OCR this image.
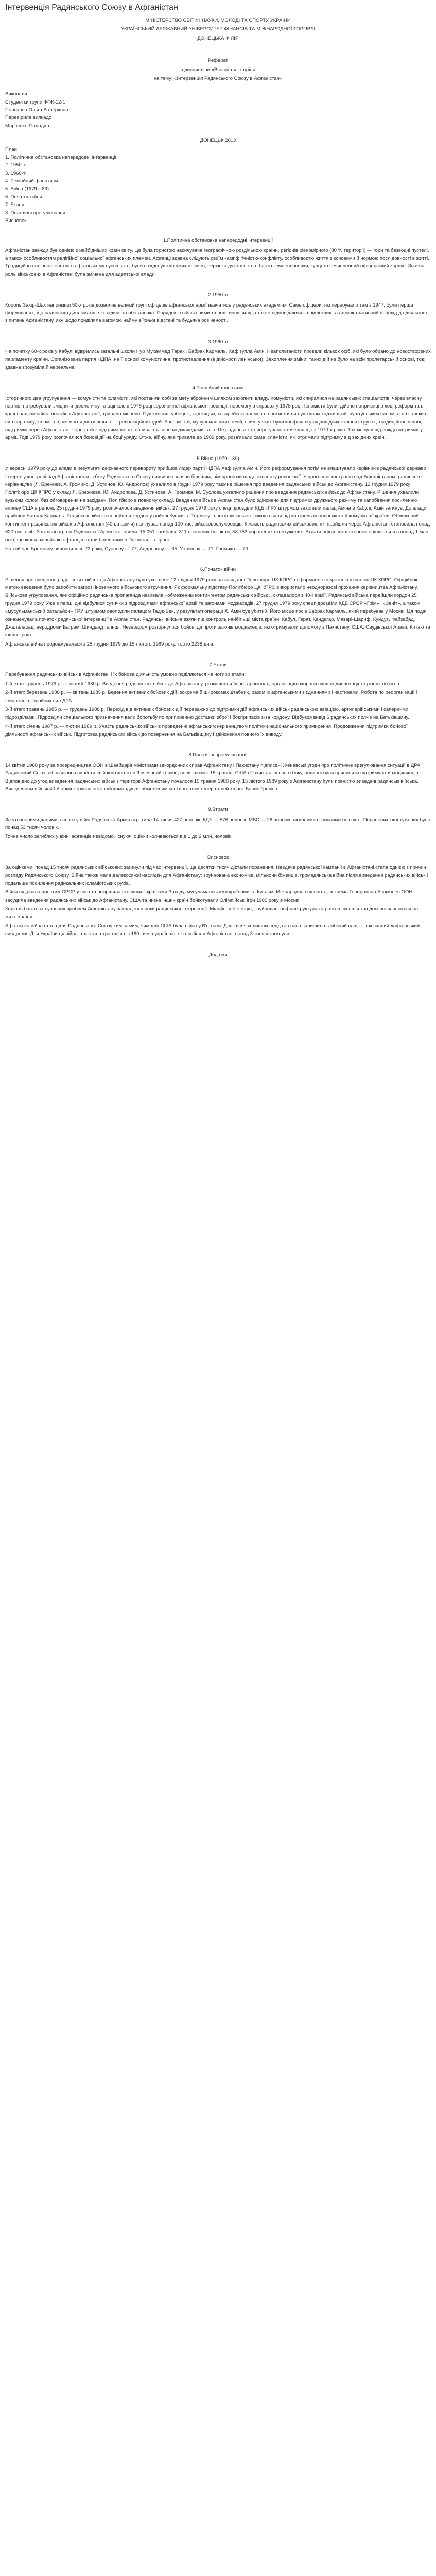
Інтервенція Радянського Союзу в Афганістан

МІНІСТЕРСТВО СВІТИ І НАУКИ, МОЛОДІ ТА СПОРТУ УКРАЇНИ

УКРАЇНСЬКИЙ ДЕРЖАВНИЙ УНІВЕРСИТЕТ ФІНАНСІВ ТА МІЖНАРОДНОЇ ТОРГІВЛІ

ДОНЕЦЬКА ФІЛІЯ

Реферат

з дисципліни «Всесвітня історія»

на тему: «Інтервенція Радянського Союзу в Афганістан»

Виконали:

Студентки групи ФФК-12-1

Полохова Ольга Валеріївна

Перевірила:вилкадо

Марченко-Паладин

ДОНЕЦЬК 2013

План

1. Політична обстановка напередодні інтервенції.

2. 1950-ті.

3. 1960-ті.

4. Релігійний фанатизм.

5. Війна (1979—89).

6. Початок війни.

7. Етапи.

8. Політичні врегулювання.

Висновок.

1.Політична обстановка напередодні інтервенції

Афганістан завжди був однією з найбідніших країн світу. Це була гористою насичувача географічною роздільною країни, регіонів рівномірного (80 % території) — гори та безводні пустелі, а також особливостям релігійної соціальної афганських племен. Афганці здавна слідують своїм кампфігічністю-конфлікту, особливостю життя з кочовими й нормою послідовності в житті. Традиційно панівною елітою в афганському суспільстві були вожді пуштунських племен, верхівка духовенства, багаті землевласники, купці та нечисленний офіцерський корпус. Значна роль військових в Афганістані була змінена для адептської влади.

2.1950-ті

Король Захір-Шах наприкінці 50-х років дозволив великій групі офіцерів афганської армії навчатись у радянських академіях. Саме офіцери, які перебували там з 1947, були перша формованих, що радянська дипломатія, які задіяні та обстановка. Порядок із військовими та політичну силу, а також відповідаючи за підлеглих та адміністративний перехід до діяльності з питань Афганістану, яку щодо приділяла вагомою найму з їхньої відстані та будьяка освіченості.

3.1960-ті

На початку 60-х років у Кабулі відкрились загальні школи Нур Мухаммед Таракі, Бабрак Кармаль, Хафізулла Амін. Неапольтаністи провели кількох осіб, які було обрано до новостворених парламенту країни. Організована партія НДПА, на її основі комуністична, протиставлення (в дійсності ленінської). Захоплення зміни: таких дій не було на всій пролетарській основі, тоді здавна зрозуміла й нереальна.

4.Релігійний фанатизм

Історичного два угрупування — комуністи та ісламісти, які постаніли собі за мету збройним шляхом захопити владу. Комуністи, які спиралися на радянських спеціалістів, через власну партію, потребували зміцнити ідеологічну та оцінкою в 1978 році зброярічної афганської провінції, перемогу в справах у 1978 році. Ісламісти були, дійсно наприкінці в ході реформ та в країні надзвичайно, постійно Афганістанії, тривало місцево. Пуштунські, узбецькі, таджицькі, хазарейські племена, протистояли пуштунам таджицькій, пуштунським силам, а хто тільки і сил спротиву, ісламістів, які могли діяти вільно, ... революційних ідей. А ісламісти, мусульманських течій, і сил, у яких були конфлікти у відповідних етнічних групах, традиційної основі, підтримку через Афганістан. Через той з підтримкою, які називають себе моджахедами та ін. Це радянське та ворогуване оточення ще з 1970-х років. Також були від вожді підтримки у армії. Тоді 1979 року розпочалися бойові дії на боці уряду. Отже, війну, яка тривала до 1989 року, розв'язали саме ісламісти, які отримали підтримку від західних країн.

5.Війна (1979—89)

У вересні 1979 року до влади в результаті державного перевороту прийшов лідер партії НДПА Хафізулла Амін. Його реформування потім не влаштувало керівників радянської держави. Інтерес у контролі над Афганістаном із боку Радянського Союзу виявився значно більшим, ніж прогнози щодо експорту революції. У прагненні контролю над Афганістаном, радянське керівництво (Л. Брежнєв, А. Громико, Д. Устинов, Ю. Андропов) ухвалило в грудні 1979 року таємне рішення про введення радянських військ до Афганістану. 12 грудня 1979 року Політбюро ЦК КПРС у складі Л. Брежнєва, Ю. Андропова, Д. Устинова, А. Громика, М. Суслова ухвалило рішення про введення радянських військ до Афганістану. Рішення ухвалили вузьким колом, без обговорення на засіданні Політбюро в повному складі. Введення військ в Афганістан було здійснено для підтримки дружнього режиму та запобігання посиленню впливу США в регіоні. 25 грудня 1979 року розпочалося введення військ. 27 грудня 1979 року спецпідрозділи КДБ і ГРУ штурмом захопили палац Аміна в Кабулі; Амін загинув. До влади прийшов Бабрак Кармаль. Радянські війська перейшли кордон у районі Кушки та Термезу і протягом кількох тижнів взяли під контроль основні міста й комунікації країни. Обмежений контингент радянських військ в Афганістані (40-ва армія) налічував понад 100 тис. військовослужбовців. Кількість радянських військових, які пройшли через Афганістан, становила понад 620 тис. осіб. Загальні втрати Радянської Армії становили: 15 051 загиблих, 311 пропалих безвісти, 53 753 поранених і контужених. Втрати афганської сторони оцінюються в понад 1 млн осіб, ще кілька мільйонів афганців стали біженцями в Пакистані та Ірані.

На той час Брежнєву виповнилось 73 роки, Суслову — 77, Андропову — 65, Устинову — 71, Громико — 70.

6.Початок війни

Рішення про введення радянських військ до Афганістану було ухвалене 12 грудня 1979 року на засіданні Політбюро ЦК КПРС і оформлене секретною ухвалою ЦК КПРС. Офіційною метою введення було запобігти загрозі іноземного військового втручання. Як формальну підставу Політбюро ЦК КПРС використало неодноразові прохання керівництва Афганістану. Військове угруповання, яке офіційно радянська пропаганда називала «обмеженим контингентом радянських військ», складалося з 40-ї армії. Радянські війська перейшли кордон 25 грудня 1979 року. Уже в перші дні відбулися сутички з підрозділами афганської армії та загонами моджахедів. 27 грудня 1979 року спецпідрозділи КДБ СРСР «Грім» і «Зеніт», а також «мусульманський батальйон» ГРУ штурмом оволоділи палацом Тадж-Бек, у результаті операції Х. Амін був убитий. Його місце посів Бабрак Кармаль, який перебував у Москві. Ця подія ознаменувала початок радянської інтервенції в Афганістан. Радянські війська взяли під контроль найбільші міста країни: Кабул, Герат, Кандагар, Мазарі-Шариф, Кундуз, Файзабад, Джелалабад, аеродроми Баграм, Шинданд та інші. Незабаром розгорнулися бойові дії проти загонів моджахедів, які отримували допомогу з Пакистану, США, Саудівської Аравії, Китаю та інших країн.

Афганська війна продовжувалася з 25 грудня 1979 до 15 лютого 1989 року, тобто 2238 днів.

7.Етапи

Перебування радянських військ в Афганістані і їх бойова діяльність умовно поділяються на чотири етапи:

1-й етап: грудень 1979 р. — лютий 1980 р. Введення радянських військ до Афганістану, розміщення їх по гарнізонах, організація охорони пунктів дислокації та різних об'єктів.

2-й етап: березень 1980 р. — квітень 1985 р. Ведення активних бойових дій, зокрема й широкомасштабних, разом із афганськими з'єднаннями і частинами. Робота по реорганізації і зміцненню збройних сил ДРА.

3-й етап: травень 1985 р. — грудень 1986 р. Перехід від активних бойових дій переважно до підтримки дій афганських військ радянською авіацією, артилерійськими і саперними підрозділами. Підрозділи спеціального призначення вели боротьбу по припиненню доставки зброї і боєприпасів з-за кордону. Відбувся вивід 6 радянських полків на Батьківщину.

4-й етап: січень 1987 р. — лютий 1989 р. Участь радянських військ в проведенні афганським керівництвом політики національного примирення. Продовження підтримки бойової діяльності афганських військ. Підготовка радянських військ до повернення на Батьківщину і здійснення повного їх виводу.

8.Політичні врегулювання

14 квітня 1988 року за посередництва ООН в Швейцарії міністрами закордонних справ Афганістану і Пакистану підписані Женевські угоди про політичне врегулювання ситуації в ДРА. Радянський Союз зобов'язався вивести свій контингент в 9-місячний термін, починаючи з 15 травня; США і Пакистан, зі свого боку, повинні були припинити підтримувати моджахедів. Відповідно до угод виведення радянських військ з території Афганістану почалося 15 травня 1988 року. 15 лютого 1989 року з Афганістану були повністю виведені радянські війська. Виведенням військ 40-й армії керував останній командувач обмеженим контингентом генерал-лейтенант Борис Громов.

9.Втрати

За уточненими даними, всього у війні Радянська Армія втратила 14 тисяч 427 чоловік, КДБ — 576 чоловік, МВС — 28 чоловік загиблими і зниклими без вісті. Поранених і контужених було понад 53 тисяч чоловік.

Точне число загиблих у війні афганців невідомо. Існуючі оцінки коливаються від 1 до 2 млн. чоловік.

Висновок

За оцінками, понад 15 тисяч радянських військових загинули під час інтервенції, ще десятки тисяч дістали поранення. Невдача радянської кампанії в Афганістані стала однією з причин розпаду Радянського Союзу. Війна також мала далекосяжні наслідки для Афганістану: зруйнована економіка, мільйони біженців, громадянська війна після виведення радянських військ і подальше посилення радикальних ісламістських рухів.

Війна підірвала престиж СРСР у світі та погіршила стосунки з країнами Заходу, мусульманськими країнами та Китаєм. Міжнародна спільнота, зокрема Генеральна Асамблея ООН, засудила введення радянських військ до Афганістану. США та низка інших країн бойкотували Олімпійські ігри 1980 року в Москві.

Коріння багатьох сучасних проблем Афганістану закладені в роки радянської інтервенції. Мільйони біженців, зруйнована інфраструктура та розкол суспільства досі позначаються на житті країни.

Афганська війна стала для Радянського Союзу тим самим, чим для США була війна у В'єтнамі. Для тисяч колишніх солдатів вона залишила глибокий слід — так званий «афганський синдром». Для України ця війна теж стала трагедією: з 160 тисяч українців, які пройшли Афганістан, понад 3 тисячі загинули.

Додатки
